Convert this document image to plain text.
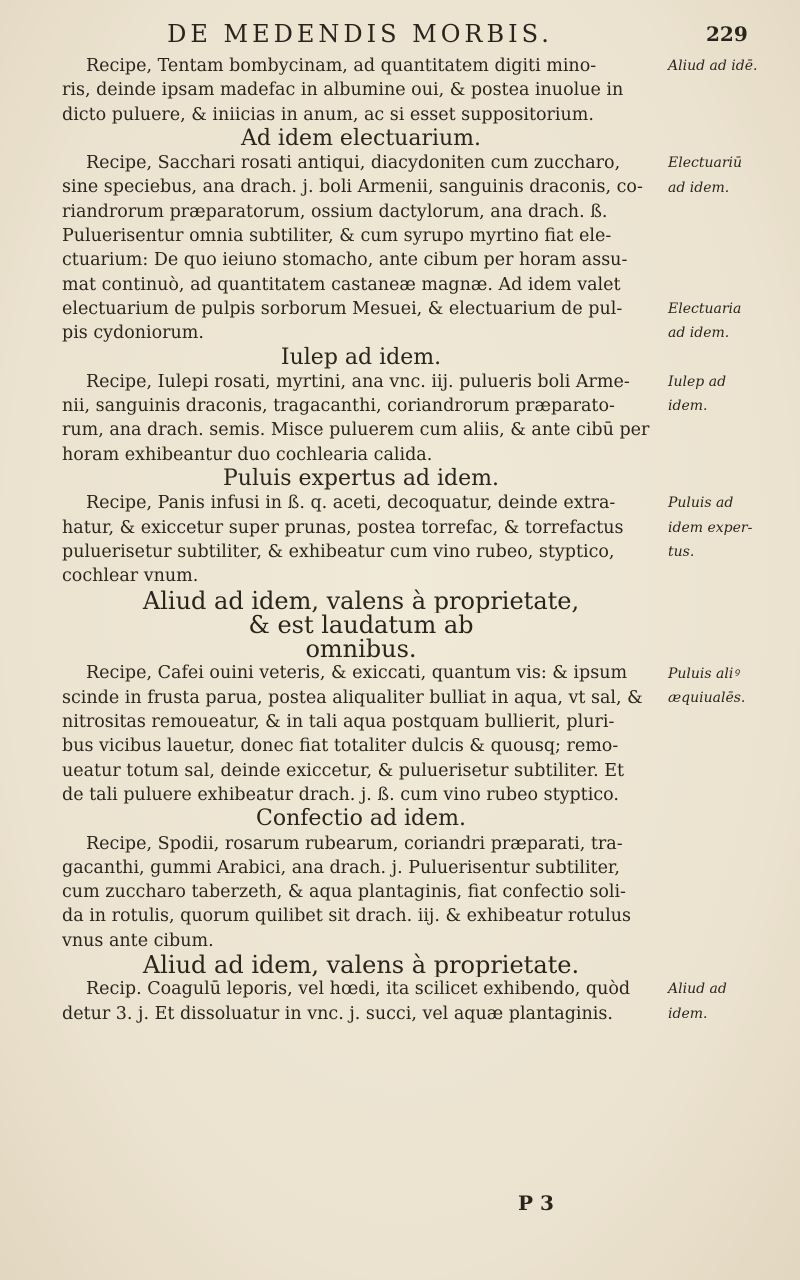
DE MEDENDIS MORBIS.	229
Recipe, Tentam bombycinam, ad quantitatem digiti mino-
ris, deinde ipsam madefac in albumine oui, & postea inuolue in
dicto puluere, & iniicias in anum, ac si esset suppositorium.
Ad idem electuarium.
Recipe, Sacchari rosati antiqui, diacydoniten cum zuccharo,
sine speciebus, ana drach. j. boli Armenii, sanguinis draconis, co-
riandrorum præparatorum, ossium dactylorum, ana drach. ß.
Puluerisentur omnia subtiliter, & cum syrupo myrtino fiat ele-
ctuarium: De quo ieiuno stomacho, ante cibum per horam assu-
mat continuò, ad quantitatem castaneæ magnæ. Ad idem valet
electuarium de pulpis sorborum Mesuei, & electuarium de pul-
pis cydoniorum.
Iulep ad idem.
Recipe, Iulepi rosati, myrtini, ana vnc. iij. pulueris boli Arme-
nii, sanguinis draconis, tragacanthi, coriandrorum præparato-
rum, ana drach. semis. Misce puluerem cum aliis, & ante cibū per
horam exhibeantur duo cochlearia calida.
Puluis expertus ad idem.
Recipe, Panis infusi in ß. q. aceti, decoquatur, deinde extra-
hatur, & exiccetur super prunas, postea torrefac, & torrefactus
puluerisetur subtiliter, & exhibeatur cum vino rubeo, styptico,
cochlear vnum.
Aliud ad idem, valens à proprietate,
& est laudatum ab
omnibus.
Recipe, Cafei ouini veteris, & exiccati, quantum vis: & ipsum
scinde in frusta parua, postea aliqualiter bulliat in aqua, vt sal, &
nitrositas remoueatur, & in tali aqua postquam bullierit, pluri-
bus vicibus lauetur, donec fiat totaliter dulcis & quousq; remo-
ueatur totum sal, deinde exiccetur, & puluerisetur subtiliter. Et
de tali puluere exhibeatur drach. j. ß. cum vino rubeo styptico.
Confectio ad idem.
Recipe, Spodii, rosarum rubearum, coriandri præparati, tra-
gacanthi, gummi Arabici, ana drach. j. Puluerisentur subtiliter,
cum zuccharo taberzeth, & aqua plantaginis, fiat confectio soli-
da in rotulis, quorum quilibet sit drach. iij. & exhibeatur rotulus
vnus ante cibum.
Aliud ad idem, valens à proprietate.
Recip. Coagulū leporis, vel hœdi, ita scilicet exhibendo, quòd
detur 3. j. Et dissoluatur in vnc. j. succi, vel aquæ plantaginis.
Aliud ad idē.
Electuariū
ad idem.
Electuaria
ad idem.
Iulep ad
idem.
Puluis ad
idem exper-
tus.
Puluis aliꝰ
æquiualēs.
Aliud ad
idem.
P 3
